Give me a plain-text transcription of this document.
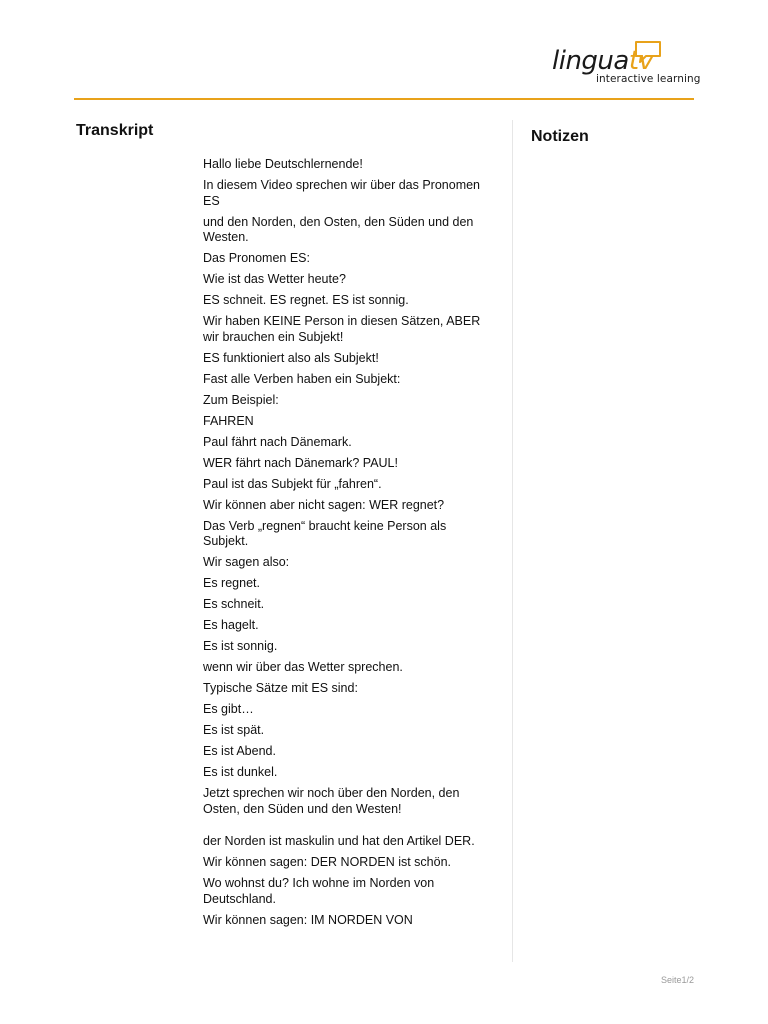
linguatv
interactive learning
Transkript	Notizen
Hallo liebe Deutschlernende!
In diesem Video sprechen wir über das Pronomen ES
und den Norden, den Osten, den Süden und den Westen.
Das Pronomen ES:
Wie ist das Wetter heute?
ES schneit. ES regnet. ES ist sonnig.
Wir haben KEINE Person in diesen Sätzen, ABER wir brauchen ein Subjekt!
ES funktioniert also als Subjekt!
Fast alle Verben haben ein Subjekt:
Zum Beispiel:
FAHREN
Paul fährt nach Dänemark.
WER fährt nach Dänemark? PAUL!
Paul ist das Subjekt für „fahren“.
Wir können aber nicht sagen: WER regnet?
Das Verb „regnen“ braucht keine Person als Subjekt.
Wir sagen also:
Es regnet.
Es schneit.
Es hagelt.
Es ist sonnig.
wenn wir über das Wetter sprechen.
Typische Sätze mit ES sind:
Es gibt…
Es ist spät.
Es ist Abend.
Es ist dunkel.
Jetzt sprechen wir noch über den Norden, den Osten, den Süden und den Westen!
der Norden ist maskulin und hat den Artikel DER.
Wir können sagen: DER NORDEN ist schön.
Wo wohnst du? Ich wohne im Norden von Deutschland.
Wir können sagen: IM NORDEN VON
Seite1/2
